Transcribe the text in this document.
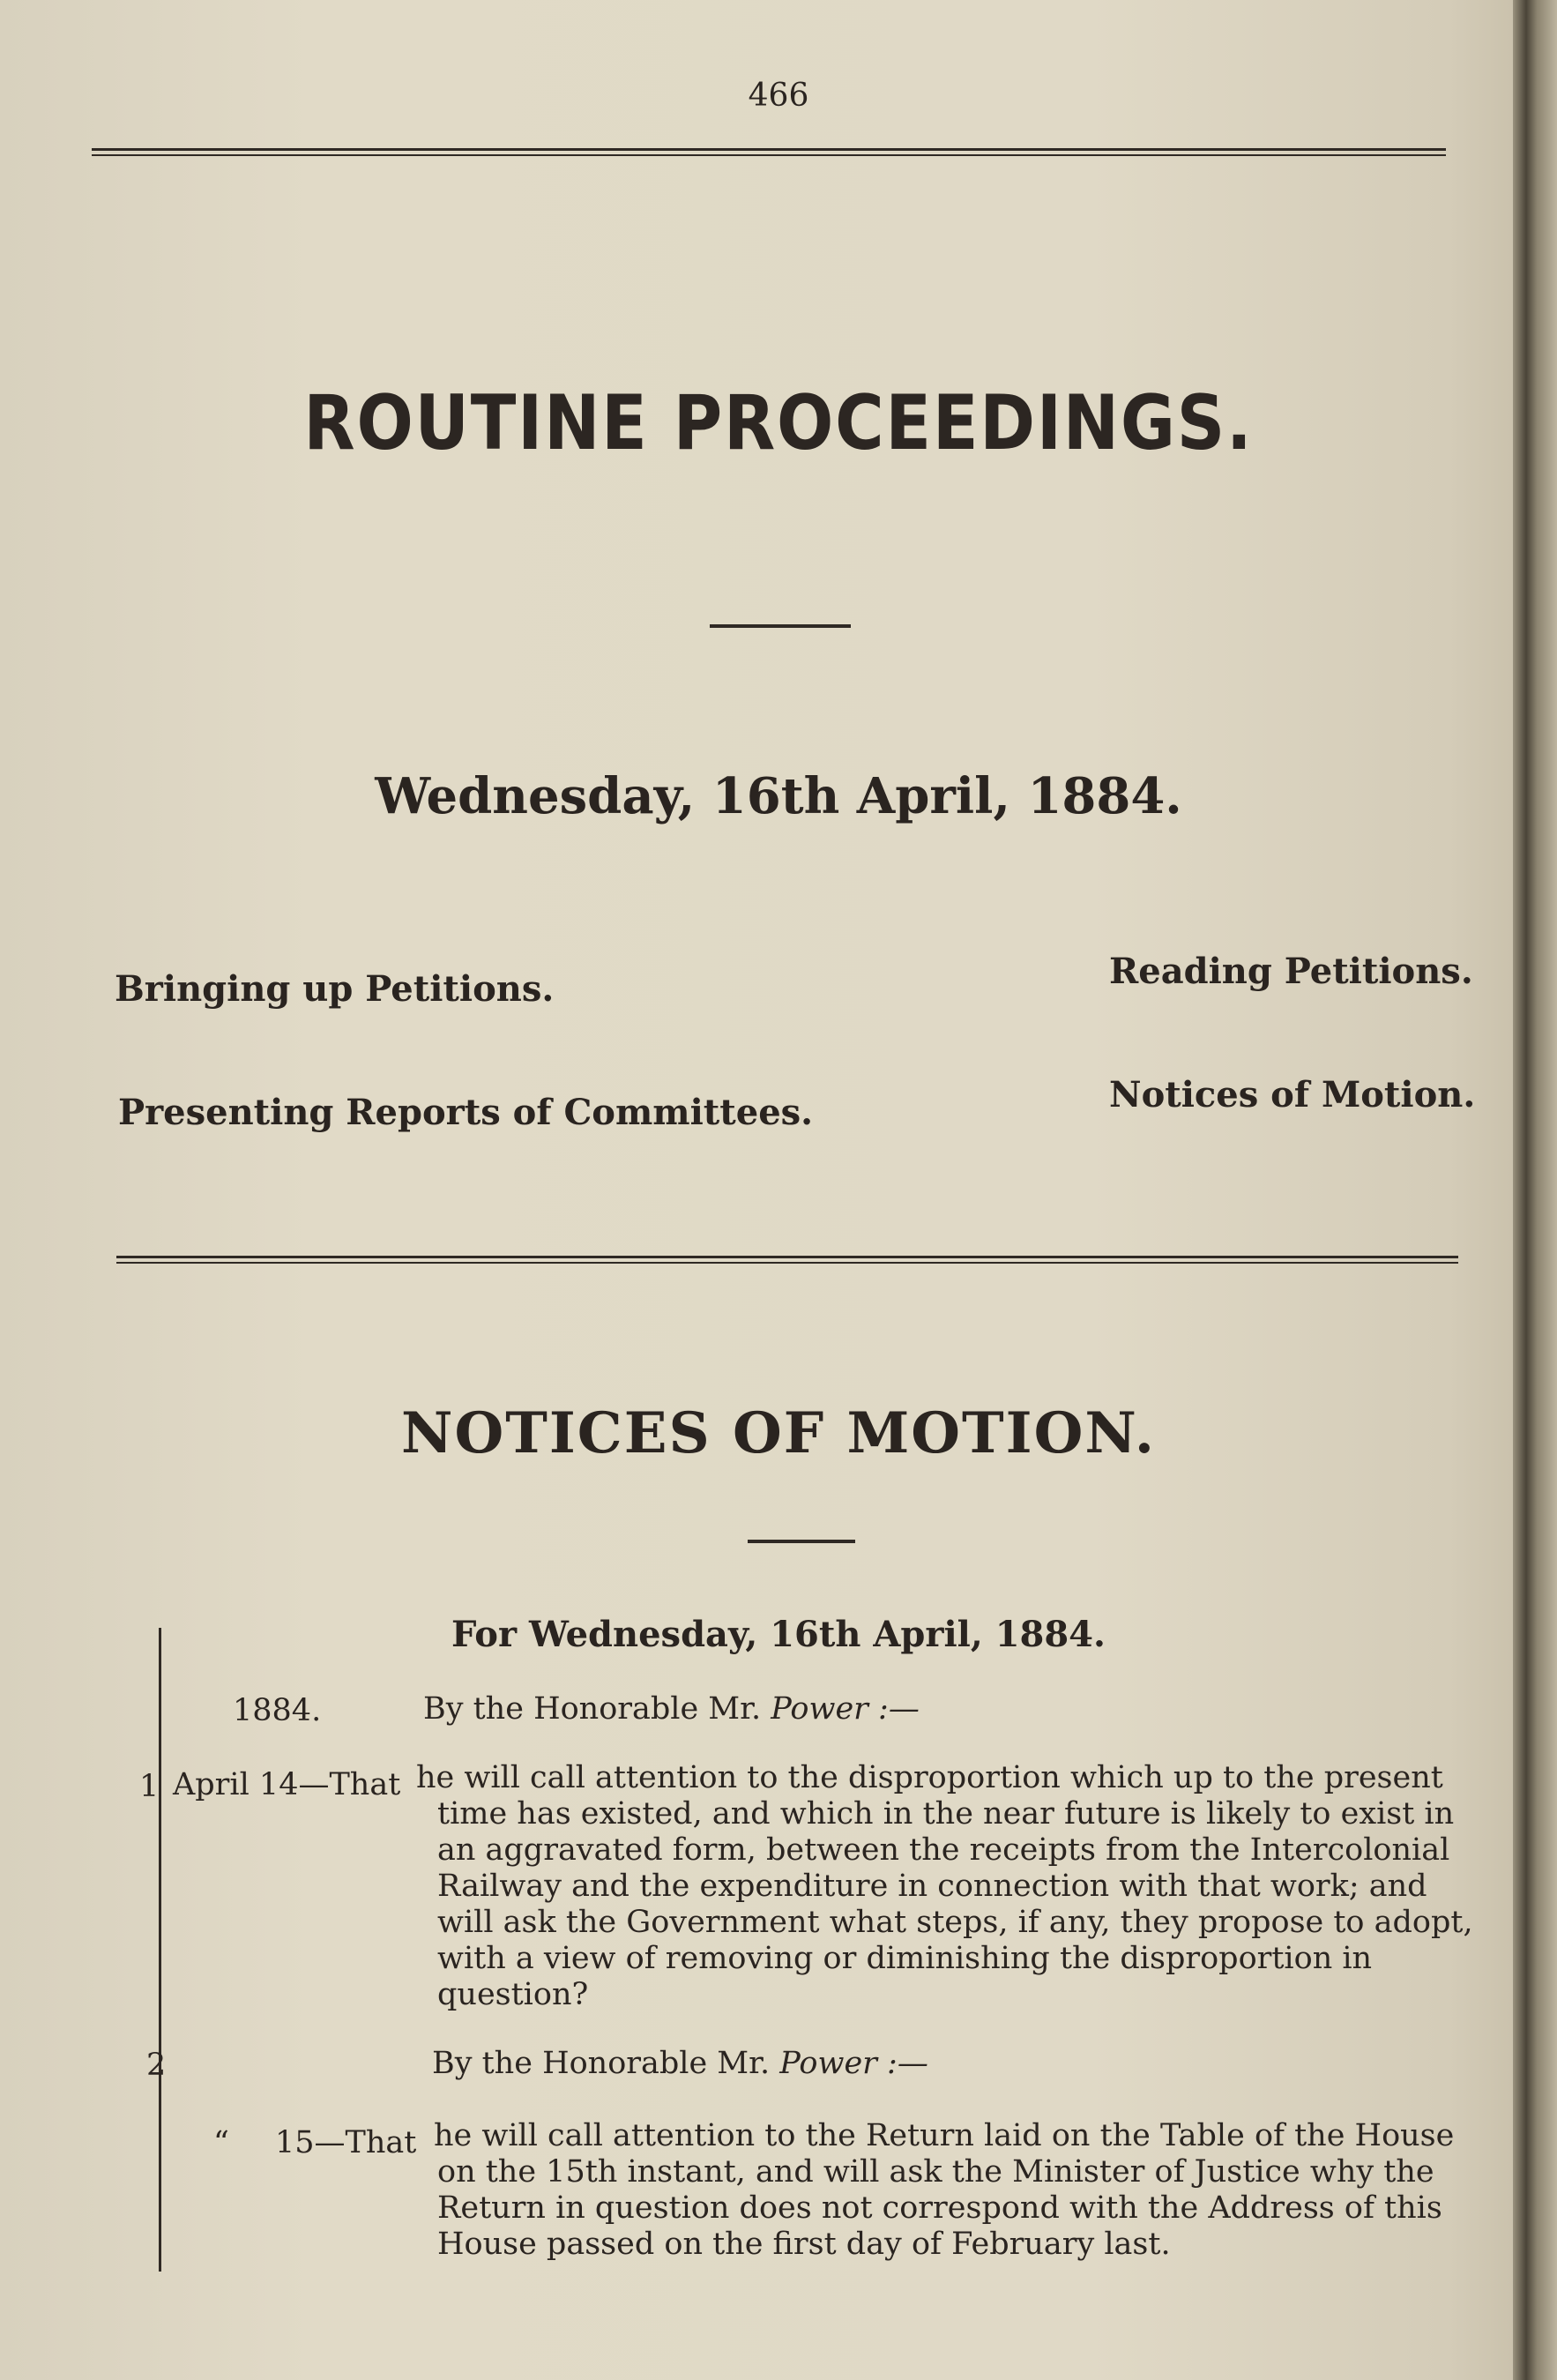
466
ROUTINE PROCEEDINGS.
Wednesday, 16th April, 1884.
Bringing up Petitions.	Reading Petitions.
Presenting Reports of Committees.	Notices of Motion.
NOTICES OF MOTION.
For Wednesday, 16th April, 1884.
1884.	By the Honorable Mr. Power :—
1 April 14—That he will call attention to the disproportion which up to the present
time has existed, and which in the near future is likely to exist in an aggravated form, between the receipts from the Intercolonial Railway and the expenditure in connection with that work; and will ask the Government what steps, if any, they propose to adopt, with a view of removing or diminishing the disproportion in question?
2	By the Honorable Mr. Power :—
“ 15—That he will call attention to the Return laid on the Table of the House
on the 15th instant, and will ask the Minister of Justice why the Return in question does not correspond with the Address of this House passed on the first day of February last.
